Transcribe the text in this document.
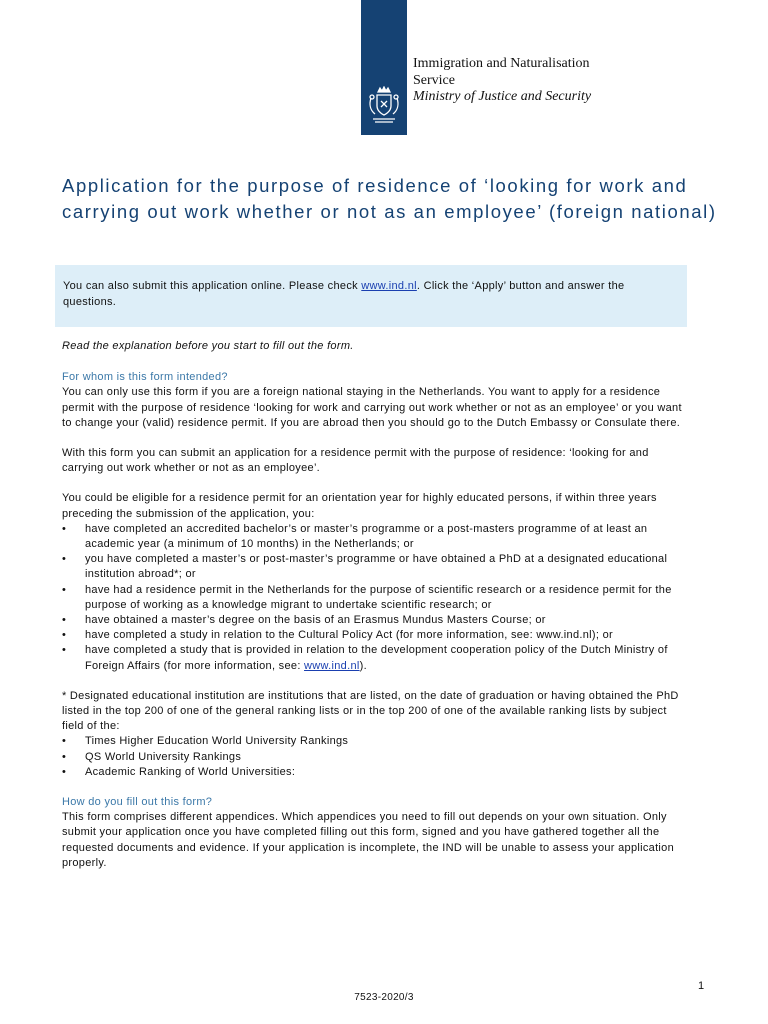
Immigration and Naturalisation
Service
Ministry of Justice and Security
Application for the purpose of residence of ‘looking for work and carrying out work whether or not as an employee’ (foreign national)
You can also submit this application online. Please check www.ind.nl. Click the ‘Apply’ button and answer the questions.

Read the explanation before you start to fill out the form.

For whom is this form intended?

You can only use this form if you are a foreign national staying in the Netherlands. You want to apply for a residence permit with the purpose of residence ‘looking for work and carrying out work whether or not as an employee’ or you want to change your (valid) residence permit. If you are abroad then you should go to the Dutch Embassy or Consulate there.

With this form you can submit an application for a residence permit with the purpose of residence: ‘looking for and carrying out work whether or not as an employee’.

You could be eligible for a residence permit for an orientation year for highly educated persons, if within three years preceding the submission of the application, you:

• have completed an accredited bachelor’s or master’s programme or a post-masters programme of at least an academic year (a minimum of 10 months) in the Netherlands; or
• you have completed a master’s or post-master’s programme or have obtained a PhD at a designated educational institution abroad*; or
• have had a residence permit in the Netherlands for the purpose of scientific research or a residence permit for the purpose of working as a knowledge migrant to undertake scientific research; or
• have obtained a master’s degree on the basis of an Erasmus Mundus Masters Course; or
• have completed a study in relation to the Cultural Policy Act (for more information, see: www.ind.nl); or
• have completed a study that is provided in relation to the development cooperation policy of the Dutch Ministry of Foreign Affairs (for more information, see: www.ind.nl).

* Designated educational institution are institutions that are listed, on the date of graduation or having obtained the PhD listed in the top 200 of one of the general ranking lists or in the top 200 of one of the available ranking lists by subject field of the:

• Times Higher Education World University Rankings
• QS World University Rankings
• Academic Ranking of World Universities:

How do you fill out this form?

This form comprises different appendices. Which appendices you need to fill out depends on your own situation. Only submit your application once you have completed filling out this form, signed and you have gathered together all the requested documents and evidence. If your application is incomplete, the IND will be unable to assess your application properly.

1
7523-2020/3
